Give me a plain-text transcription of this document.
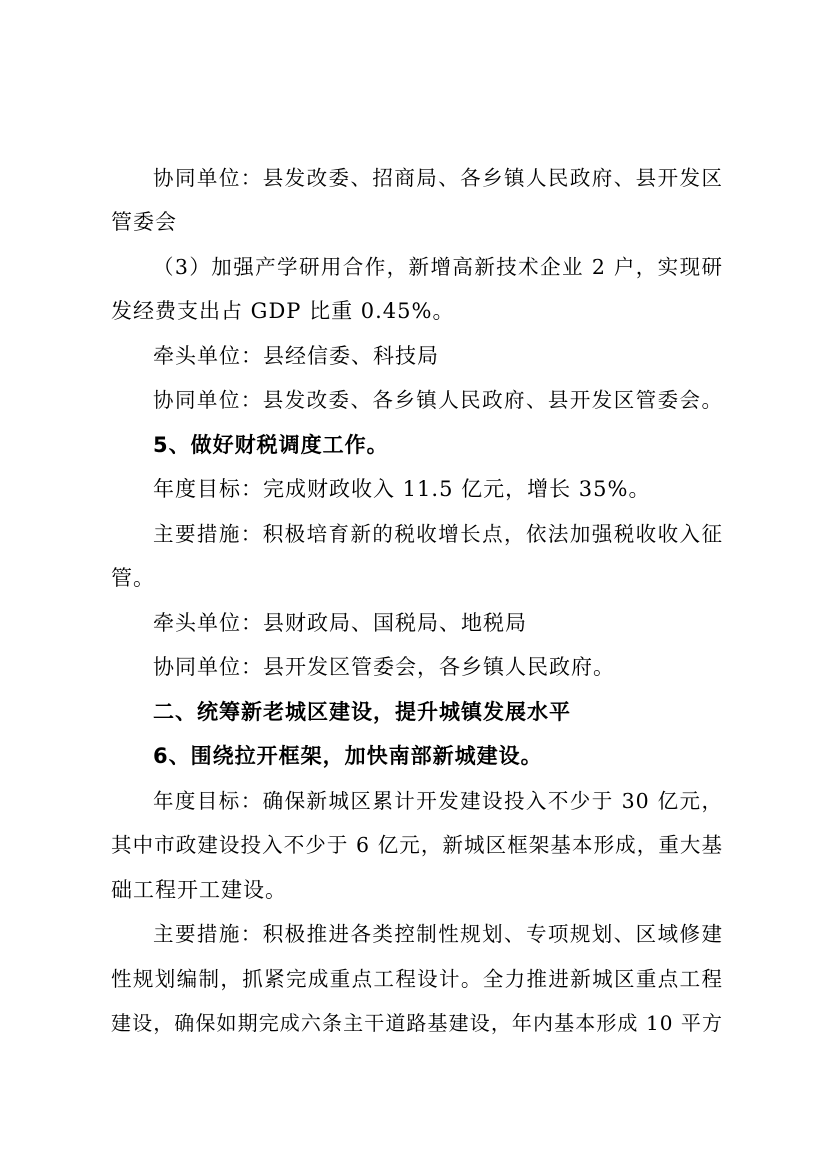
协同单位：县发改委、招商局、各乡镇人民政府、县开发区
管委会
（3）加强产学研用合作，新增高新技术企业 2 户，实现研
发经费支出占 GDP 比重 0.45%。
牵头单位：县经信委、科技局
协同单位：县发改委、各乡镇人民政府、县开发区管委会。
5、做好财税调度工作。
年度目标：完成财政收入 11.5 亿元，增长 35%。
主要措施：积极培育新的税收增长点，依法加强税收收入征
管。
牵头单位：县财政局、国税局、地税局
协同单位：县开发区管委会，各乡镇人民政府。
二、统筹新老城区建设，提升城镇发展水平
6、围绕拉开框架，加快南部新城建设。
年度目标：确保新城区累计开发建设投入不少于 30 亿元，
其中市政建设投入不少于 6 亿元，新城区框架基本形成，重大基
础工程开工建设。
主要措施：积极推进各类控制性规划、专项规划、区域修建
性规划编制，抓紧完成重点工程设计。全力推进新城区重点工程
建设，确保如期完成六条主干道路基建设，年内基本形成 10 平方
